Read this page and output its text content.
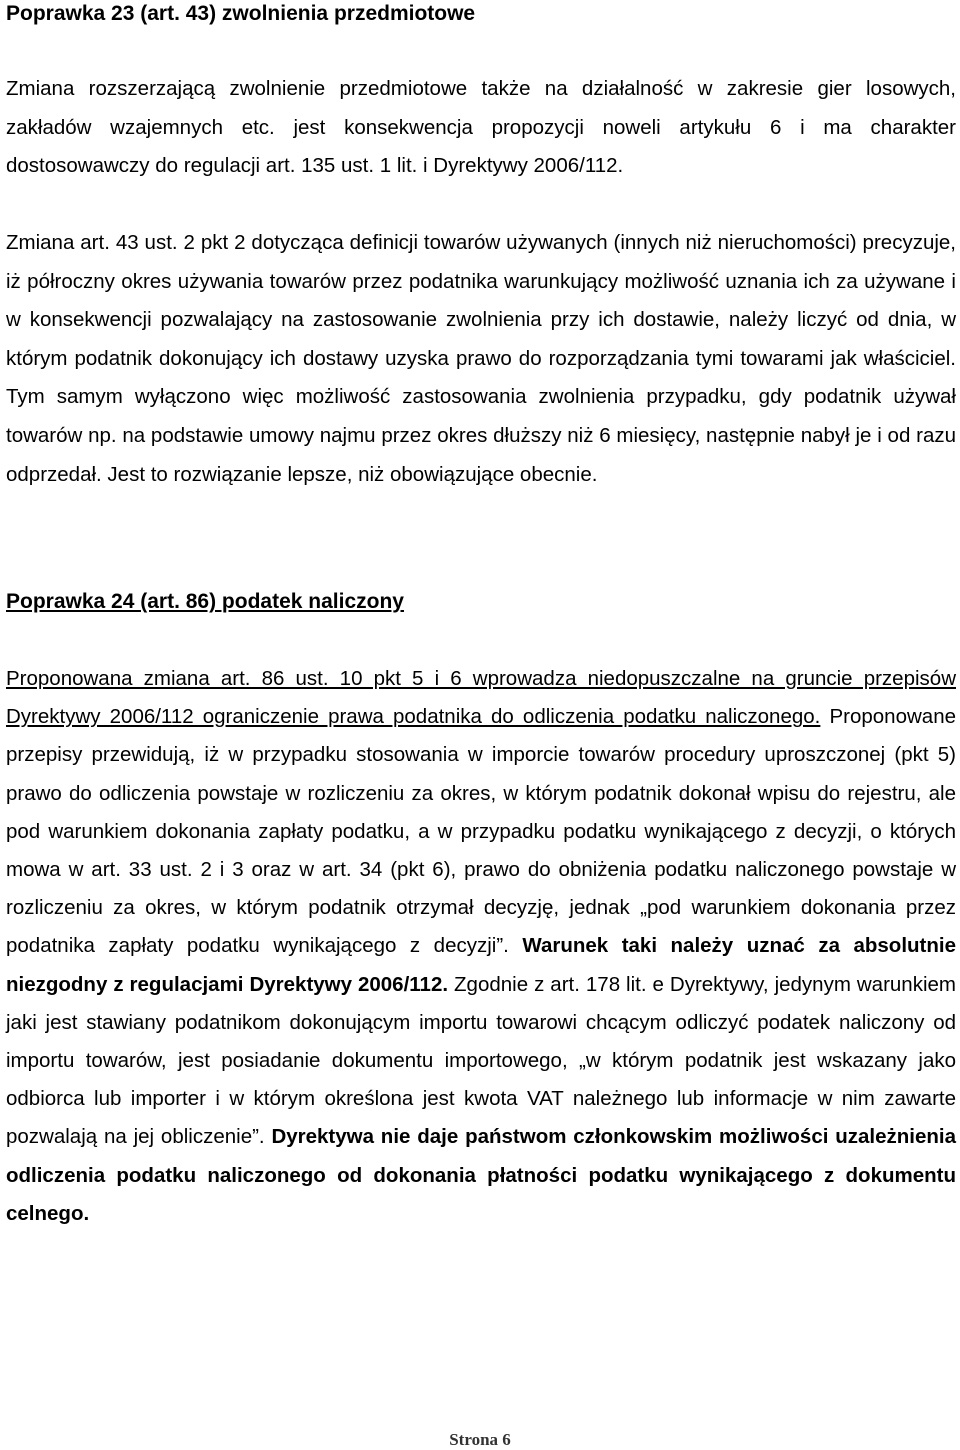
Poprawka 23 (art. 43) zwolnienia przedmiotowe
Zmiana rozszerzającą zwolnienie przedmiotowe także na działalność w zakresie gier losowych, zakładów wzajemnych etc. jest konsekwencja propozycji noweli artykułu 6 i ma charakter dostosowawczy do regulacji art. 135 ust. 1 lit. i Dyrektywy 2006/112.
Zmiana art. 43 ust. 2 pkt 2 dotycząca definicji towarów używanych (innych niż nieruchomości) precyzuje, iż półroczny okres używania towarów przez podatnika warunkujący możliwość uznania ich za używane i w konsekwencji pozwalający na zastosowanie zwolnienia przy ich dostawie, należy liczyć od dnia, w którym podatnik dokonujący ich dostawy uzyska prawo do rozporządzania tymi towarami jak właściciel. Tym samym wyłączono więc możliwość zastosowania zwolnienia przypadku, gdy podatnik używał towarów np. na podstawie umowy najmu przez okres dłuższy niż 6 miesięcy, następnie nabył je i od razu odprzedał. Jest to rozwiązanie lepsze, niż obowiązujące obecnie.
Poprawka 24 (art. 86) podatek naliczony
Proponowana zmiana art. 86 ust. 10 pkt 5 i 6 wprowadza niedopuszczalne na gruncie przepisów Dyrektywy 2006/112 ograniczenie prawa podatnika do odliczenia podatku naliczonego. Proponowane przepisy przewidują, iż w przypadku stosowania w imporcie towarów procedury uproszczonej (pkt 5) prawo do odliczenia powstaje w rozliczeniu za okres, w którym podatnik dokonał wpisu do rejestru, ale pod warunkiem dokonania zapłaty podatku, a w przypadku podatku wynikającego z decyzji, o których mowa w art. 33 ust. 2 i 3 oraz w art. 34 (pkt 6), prawo do obniżenia podatku naliczonego powstaje w rozliczeniu za okres, w którym podatnik otrzymał decyzję, jednak „pod warunkiem dokonania przez podatnika zapłaty podatku wynikającego z decyzji”. Warunek taki należy uznać za absolutnie niezgodny z regulacjami Dyrektywy 2006/112. Zgodnie z art. 178 lit. e Dyrektywy, jedynym warunkiem jaki jest stawiany podatnikom dokonującym importu towarowi chcącym odliczyć podatek naliczony od importu towarów, jest posiadanie dokumentu importowego, „w którym podatnik jest wskazany jako odbiorca lub importer i w którym określona jest kwota VAT należnego lub informacje w nim zawarte pozwalają na jej obliczenie”. Dyrektywa nie daje państwom członkowskim możliwości uzależnienia odliczenia podatku naliczonego od dokonania płatności podatku wynikającego z dokumentu celnego.
Strona 6
